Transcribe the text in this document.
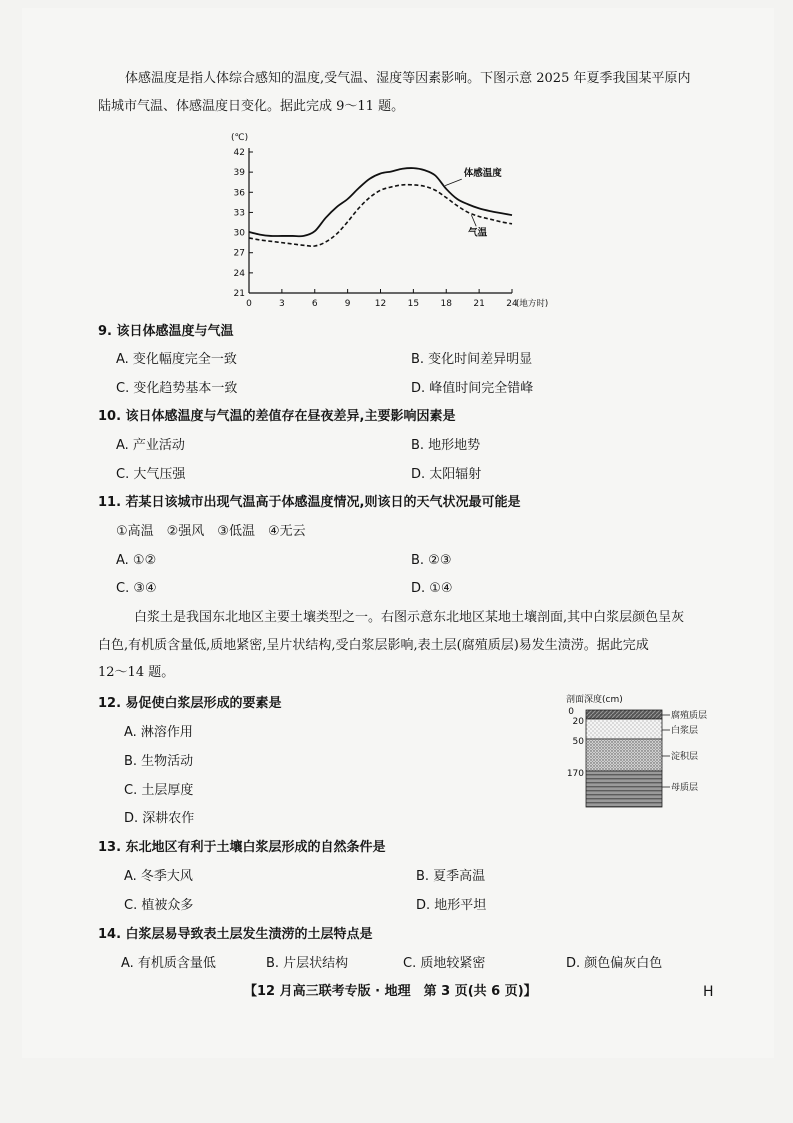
体感温度是指人体综合感知的温度,受气温、湿度等因素影响。下图示意 2025 年夏季我国某平原内
陆城市气温、体感温度日变化。据此完成 9～11 题。
21
24
27
30
33
36
39
42
0	3	6	9	12 15 18 21 24
(℃)
(地方时)
体感温度
气温
9. 该日体感温度与气温
A. 变化幅度完全一致	B. 变化时间差异明显
C. 变化趋势基本一致	D. 峰值时间完全错峰
10. 该日体感温度与气温的差值存在昼夜差异,主要影响因素是
A. 产业活动	B. 地形地势
C. 大气压强	D. 太阳辐射
11. 若某日该城市出现气温高于体感温度情况,则该日的天气状况最可能是
①高温　②强风　③低温　④无云
A. ①②	B. ②③
C. ③④	D. ①④
白浆土是我国东北地区主要土壤类型之一。右图示意东北地区某地土壤剖面,其中白浆层颜色呈灰
白色,有机质含量低,质地紧密,呈片状结构,受白浆层影响,表土层(腐殖质层)易发生渍涝。据此完成
12～14 题。
剖面深度(cm)
0
20
50
170
腐殖质层
白浆层
淀积层
母质层
12. 易促使白浆层形成的要素是
A. 淋溶作用
B. 生物活动
C. 土层厚度
D. 深耕农作
13. 东北地区有利于土壤白浆层形成的自然条件是
A. 冬季大风	B. 夏季高温
C. 植被众多	D. 地形平坦
14. 白浆层易导致表土层发生渍涝的土层特点是
A. 有机质含量低	B. 片层状结构	C. 质地较紧密	D. 颜色偏灰白色
【12 月高三联考专版 · 地理　第 3 页(共 6 页)】	H
